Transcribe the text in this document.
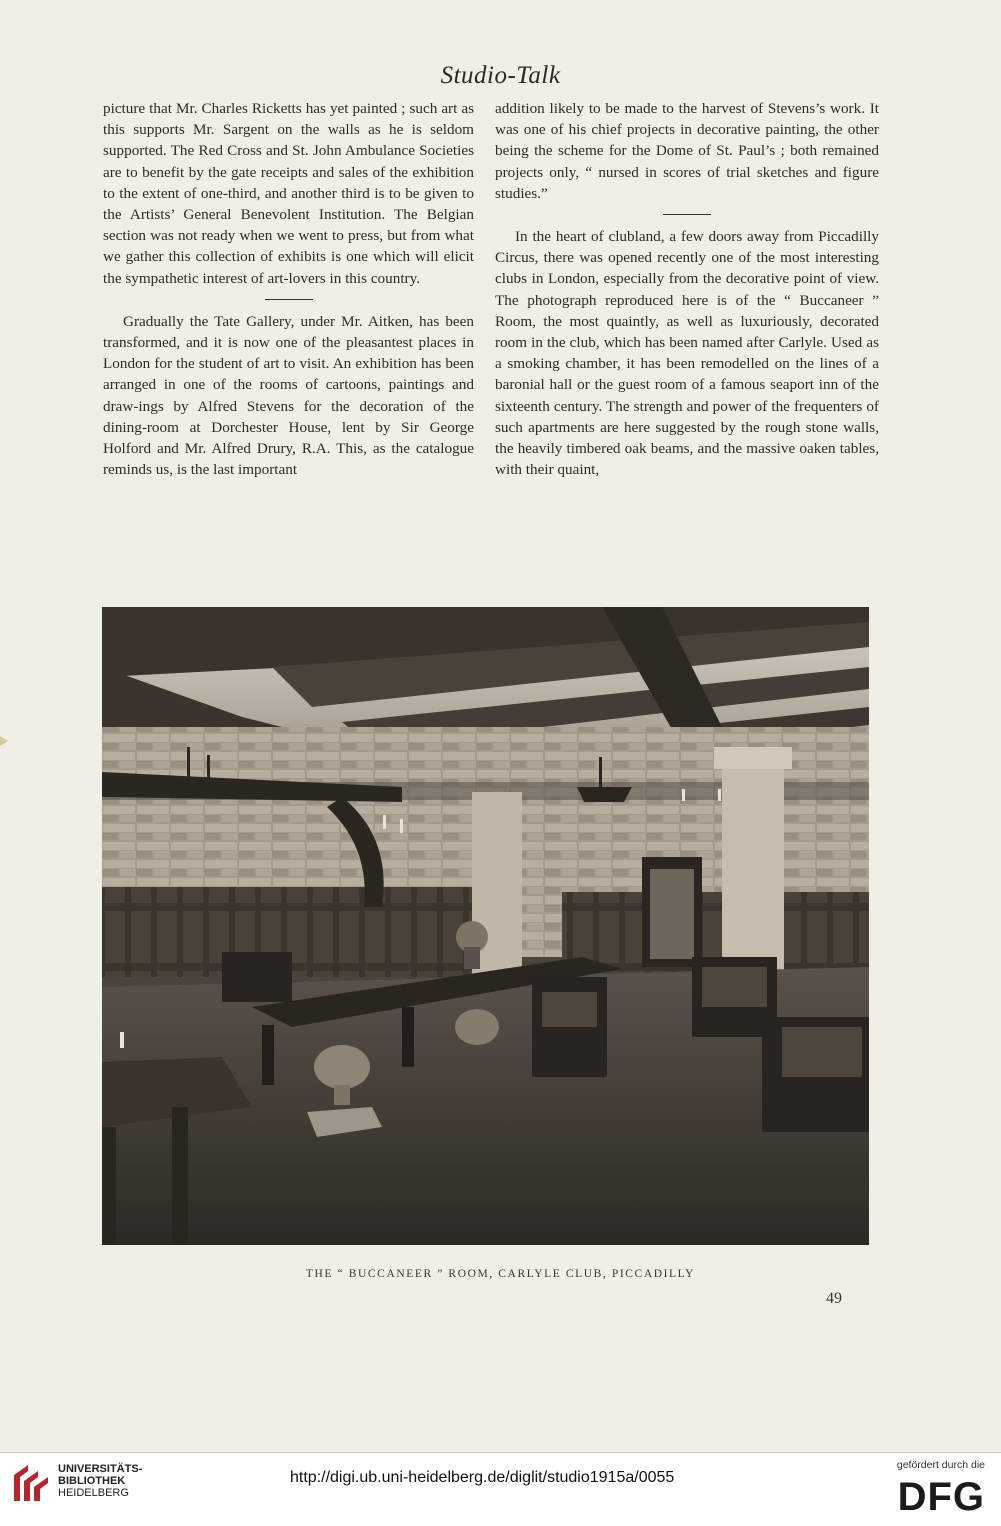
Studio-Talk

picture that Mr. Charles Ricketts has yet painted ; such art as this supports Mr. Sargent on the walls as he is seldom supported. The Red Cross and St. John Ambulance Societies are to benefit by the gate receipts and sales of the exhibition to the extent of one-third, and another third is to be given to the Artists’ General Benevolent Institution. The Belgian section was not ready when we went to press, but from what we gather this collection of exhibits is one which will elicit the sympathetic interest of art-lovers in this country.

Gradually the Tate Gallery, under Mr. Aitken, has been transformed, and it is now one of the pleasantest places in London for the student of art to visit. An exhibition has been arranged in one of the rooms of cartoons, paintings and draw-ings by Alfred Stevens for the decoration of the dining-room at Dorchester House, lent by Sir George Holford and Mr. Alfred Drury, R.A. This, as the catalogue reminds us, is the last important

addition likely to be made to the harvest of Stevens’s work. It was one of his chief projects in decorative painting, the other being the scheme for the Dome of St. Paul’s ; both remained projects only, “ nursed in scores of trial sketches and figure studies.”

In the heart of clubland, a few doors away from Piccadilly Circus, there was opened recently one of the most interesting clubs in London, especially from the decorative point of view. The photograph reproduced here is of the “ Buccaneer ” Room, the most quaintly, as well as luxuriously, decorated room in the club, which has been named after Carlyle. Used as a smoking chamber, it has been remodelled on the lines of a baronial hall or the guest room of a famous seaport inn of the sixteenth century. The strength and power of the frequenters of such apartments are here suggested by the rough stone walls, the heavily timbered oak beams, and the massive oaken tables, with their quaint,

THE “ BUCCANEER ” ROOM, CARLYLE CLUB, PICCADILLY
49
UNIVERSITÄTS-
BIBLIOTHEK
HEIDELBERG
http://digi.ub.uni-heidelberg.de/diglit/studio1915a/0055
gefördert durch die
DFG
